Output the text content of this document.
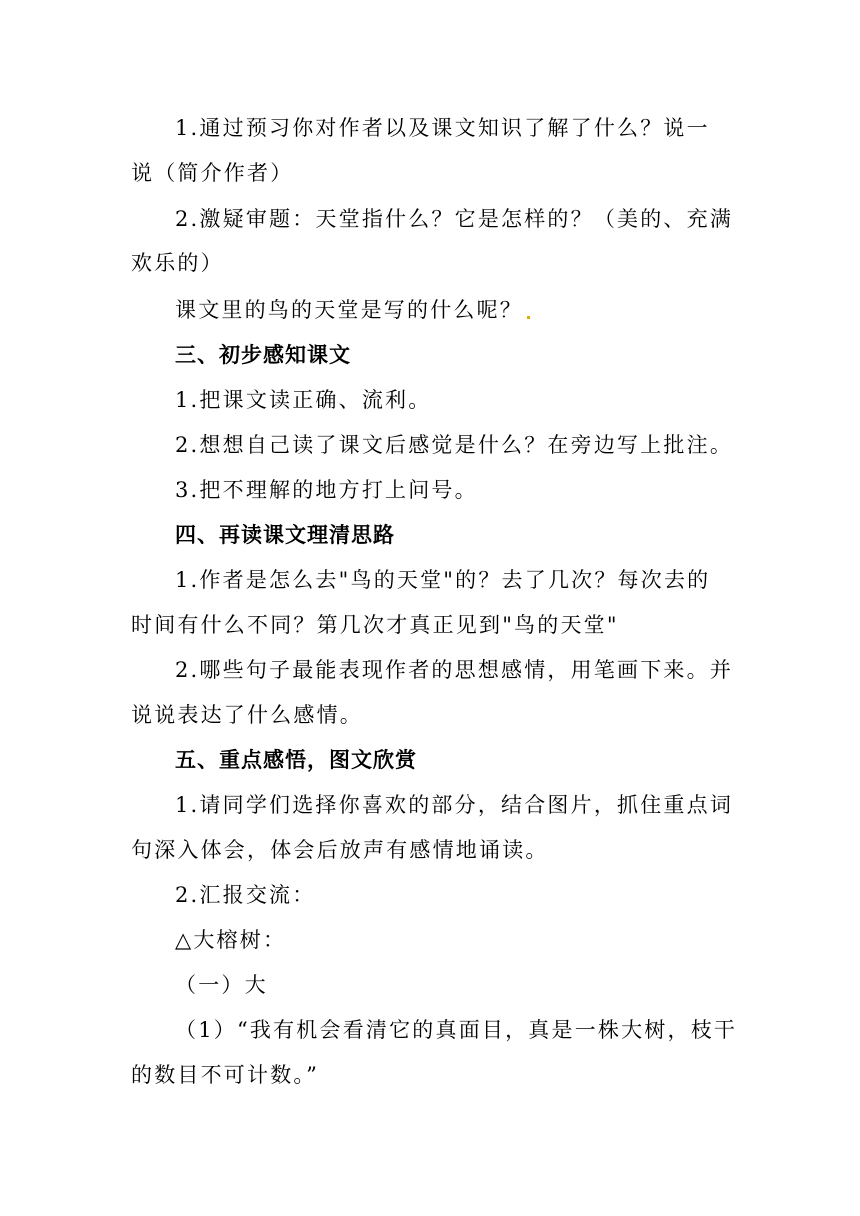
1.通过预习你对作者以及课文知识了解了什么？说一
说（简介作者）
2.激疑审题：天堂指什么？它是怎样的？（美的、充满
欢乐的）
课文里的鸟的天堂是写的什么呢？
三、初步感知课文
1.把课文读正确、流利。
2.想想自己读了课文后感觉是什么？在旁边写上批注。
3.把不理解的地方打上问号。
四、再读课文理清思路
1.作者是怎么去"鸟的天堂"的？去了几次？每次去的
时间有什么不同？第几次才真正见到"鸟的天堂"
2.哪些句子最能表现作者的思想感情，用笔画下来。并
说说表达了什么感情。
五、重点感悟，图文欣赏
1.请同学们选择你喜欢的部分，结合图片，抓住重点词
句深入体会，体会后放声有感情地诵读。
2.汇报交流：
△大榕树：
（一）大
（1）“我有机会看清它的真面目，真是一株大树，枝干
的数目不可计数。”
